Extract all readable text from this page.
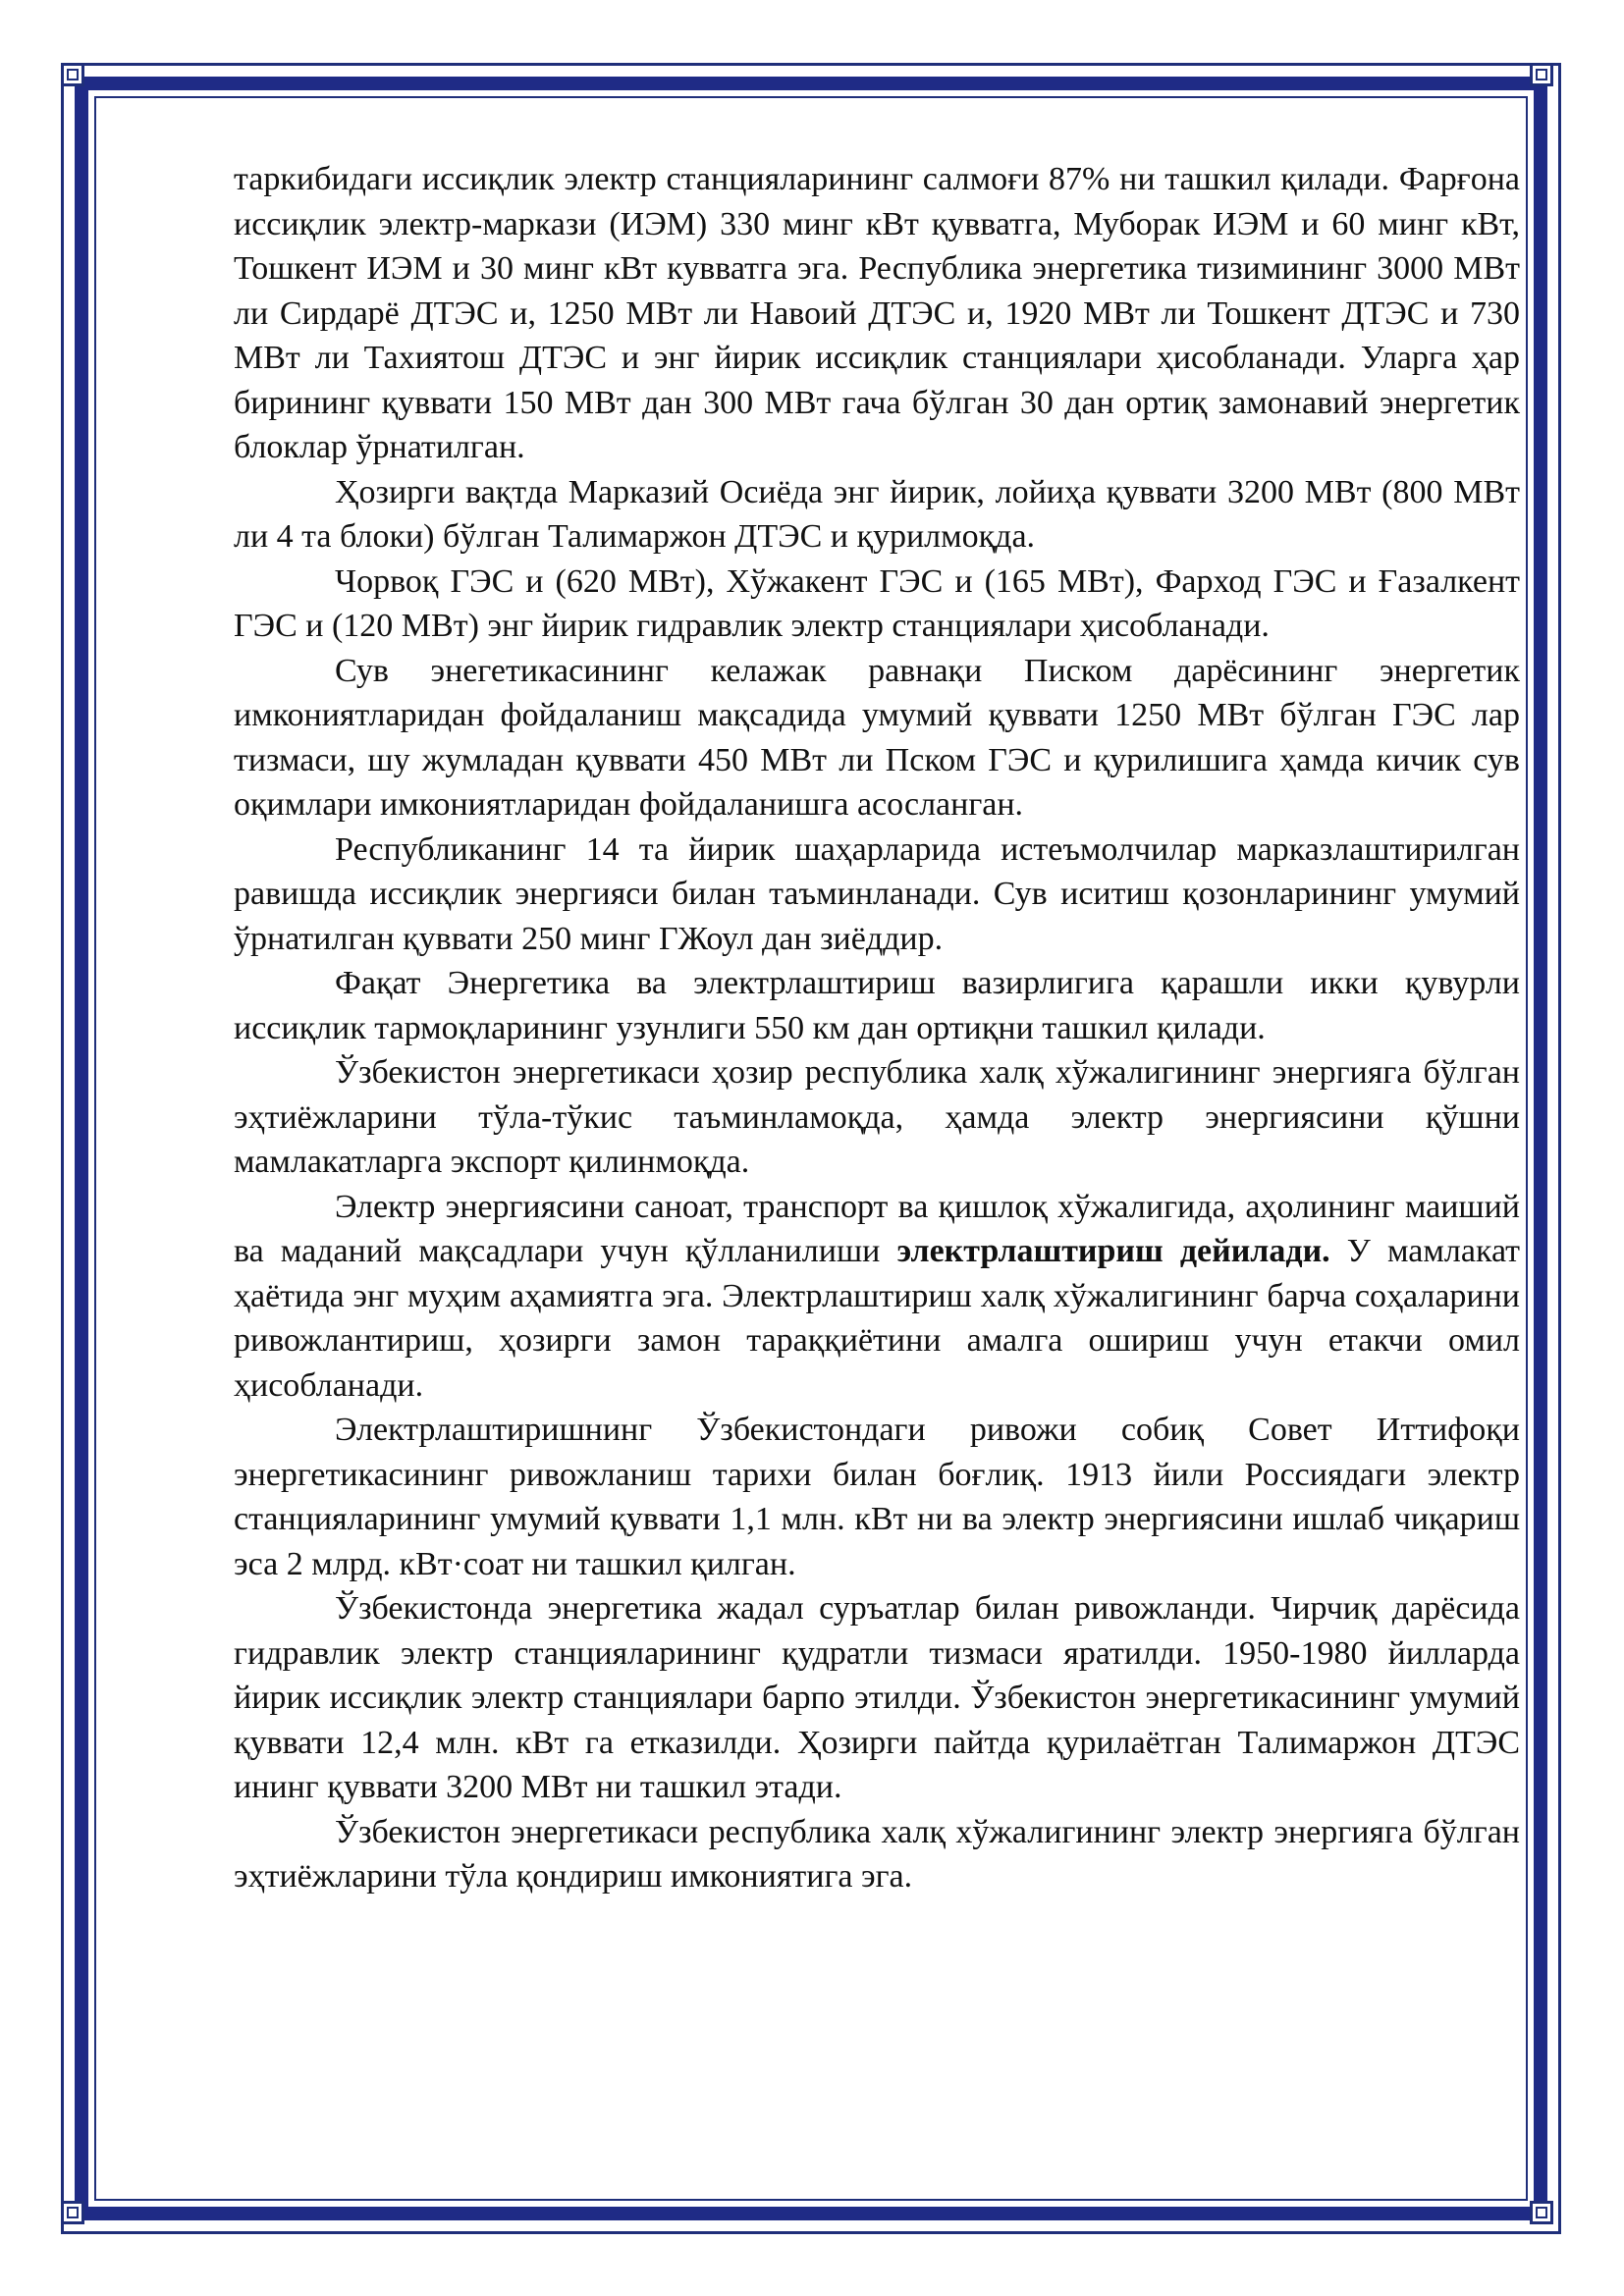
таркибидаги иссиқлик электр станцияларининг салмоғи 87% ни ташкил қилади. Фарғона иссиқлик электр-маркази (ИЭМ) 330 минг кВт қувватга, Муборак ИЭМ и 60 минг кВт, Тошкент ИЭМ и 30 минг кВт кувватга эга. Республика энергетика тизимининг 3000 МВт ли Сирдарё ДТЭС и, 1250 МВт ли Навоий ДТЭС и, 1920 МВт ли Тошкент ДТЭС и 730 МВт ли Тахиятош ДТЭС и энг йирик иссиқлик станциялари ҳисобланади. Уларга ҳар бирининг қуввати 150 МВт дан 300 МВт гача бўлган 30 дан ортиқ замонавий энергетик блоклар ўрнатилган.

Ҳозирги вақтда Марказий Осиёда энг йирик, лойиҳа қуввати 3200 МВт (800 МВт ли 4 та блоки) бўлган Талимаржон ДТЭС и қурилмоқда.

Чорвоқ ГЭС и (620 МВт), Хўжакент ГЭС и (165 МВт), Фарход ГЭС и Ғазалкент ГЭС и (120 МВт) энг йирик гидравлик электр станциялари ҳисобланади.

Сув энегетикасининг келажак равнақи Писком дарёсининг энергетик имкониятларидан фойдаланиш мақсадида умумий қуввати 1250 МВт бўлган ГЭС лар тизмаси, шу жумладан қуввати 450 МВт ли Пском ГЭС и қурилишига ҳамда кичик сув оқимлари имкониятларидан фойдаланишга асосланган.

Республиканинг 14 та йирик шаҳарларида истеъмолчилар марказлаштирилган равишда иссиқлик энергияси билан таъминланади. Сув иситиш қозонларининг умумий ўрнатилган қуввати 250 минг ГЖоул дан зиёддир.

Фақат Энергетика ва электрлаштириш вазирлигига қарашли икки қувурли иссиқлик тармоқларининг узунлиги 550 км дан ортиқни ташкил қилади.

Ўзбекистон энергетикаси ҳозир республика халқ хўжалигининг энергияга бўлган эҳтиёжларини тўла-тўкис таъминламоқда, ҳамда электр энергиясини қўшни мамлакатларга экспорт қилинмоқда.

Электр энергиясини саноат, транспорт ва қишлоқ хўжалигида, аҳолининг маиший ва маданий мақсадлари учун қўлланилиши электрлаштириш дейилади. У мамлакат ҳаётида энг муҳим аҳамиятга эга. Электрлаштириш халқ хўжалигининг барча соҳаларини ривожлантириш, ҳозирги замон тараққиётини амалга ошириш учун етакчи омил ҳисобланади.

Электрлаштиришнинг Ўзбекистондаги ривожи собиқ Совет Иттифоқи энергетикасининг ривожланиш тарихи билан боғлиқ. 1913 йили Россиядаги электр станцияларининг умумий қуввати 1,1 млн. кВт ни ва электр энергиясини ишлаб чиқариш эса 2 млрд. кВт·соат ни ташкил қилган.

Ўзбекистонда энергетика жадал суръатлар билан ривожланди. Чирчиқ дарёсида гидравлик электр станцияларининг қудратли тизмаси яратилди. 1950-1980 йилларда йирик иссиқлик электр станциялари барпо этилди. Ўзбекистон энергетикасининг умумий қуввати 12,4 млн. кВт га етказилди. Ҳозирги пайтда қурилаётган Талимаржон ДТЭС ининг қуввати 3200 МВт ни ташкил этади.

Ўзбекистон энергетикаси республика халқ хўжалигининг электр энергияга бўлган эҳтиёжларини тўла қондириш имкониятига эга.
